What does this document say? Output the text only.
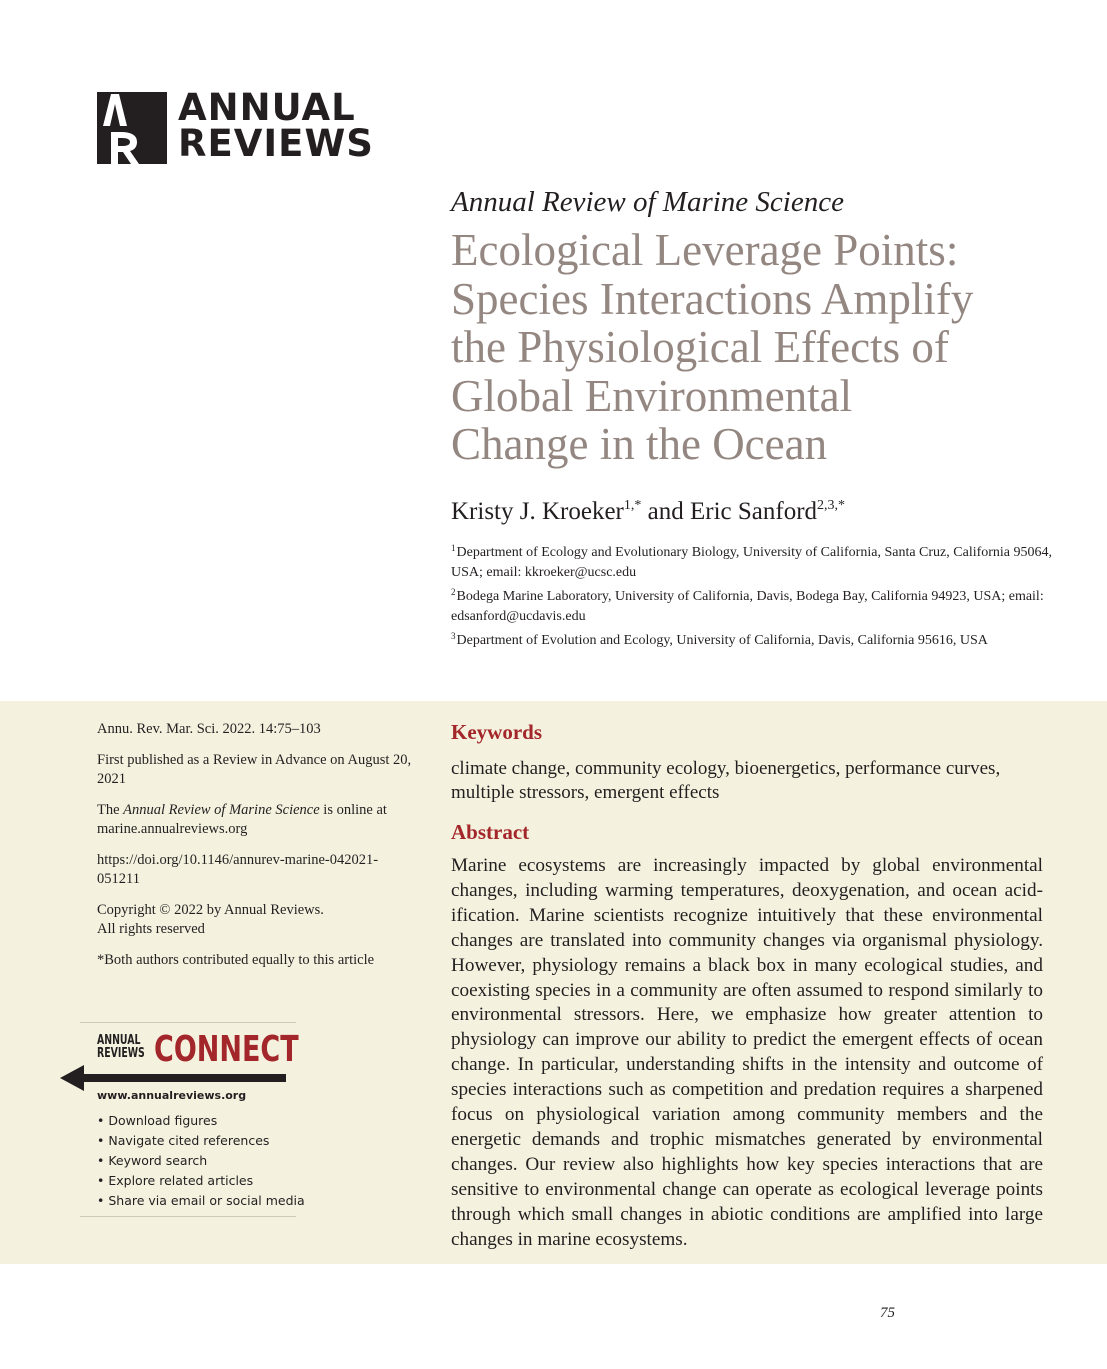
ANNUAL
REVIEWS
Annual Review of Marine Science
Ecological Leverage Points:
Species Interactions Amplify
the Physiological Effects of
Global Environmental
Change in the Ocean
Kristy J. Kroeker$^{1,*}$ and Eric Sanford$^{2,3,*}$

$^1$Department of Ecology and Evolutionary Biology, University of California, Santa Cruz, California 95064, USA; email: kkroeker@ucsc.edu

$^2$Bodega Marine Laboratory, University of California, Davis, Bodega Bay, California 94923, USA; email: edsanford@ucdavis.edu

$^3$Department of Evolution and Ecology, University of California, Davis, California 95616, USA

Annu. Rev. Mar. Sci. 2022. 14:75–103

First published as a Review in Advance on August 20, 2021

The Annual Review of Marine Science is online at marine.annualreviews.org

https://doi.org/10.1146/annurev-marine-042021-051211

Copyright © 2022 by Annual Reviews.
All rights reserved

*Both authors contributed equally to this article

ANNUAL
REVIEWS CONNECT
www.annualreviews.org
• Download figures
• Navigate cited references
• Keyword search
• Explore related articles
• Share via email or social media
Keywords
climate change, community ecology, bioenergetics, performance curves, multiple stressors, emergent effects
Abstract

Marine ecosystems are increasingly impacted by global environmental changes, including warming temperatures, deoxygenation, and ocean acidification. Marine scientists recognize intuitively that these environmental changes are translated into community changes via organismal physiology. However, physiology remains a black box in many ecological studies, and coexisting species in a community are often assumed to respond similarly to environmental stressors. Here, we emphasize how greater attention to physiology can improve our ability to predict the emergent effects of ocean change. In particular, understanding shifts in the intensity and outcome of species interactions such as competition and predation requires a sharpened focus on physiological variation among community members and the energetic demands and trophic mismatches generated by environmental changes. Our review also highlights how key species interactions that are sensitive to environmental change can operate as ecological leverage points through which small changes in abiotic conditions are amplified into large changes in marine ecosystems.

75
